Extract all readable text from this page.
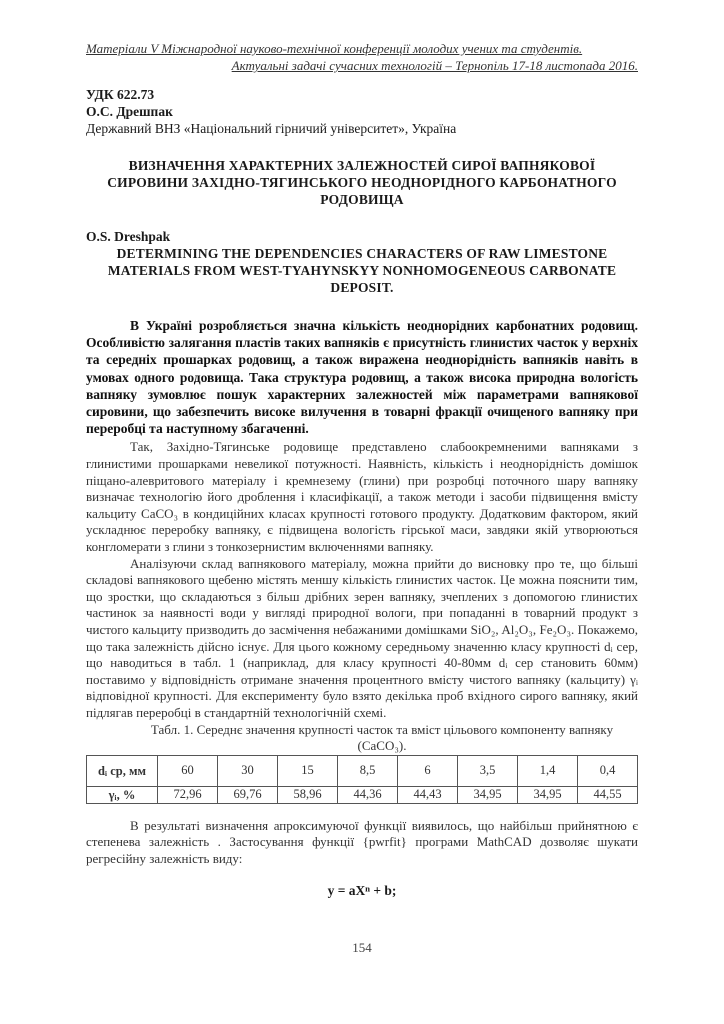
Матеріали V Міжнародної науково-технічної конференції молодих учених та студентів.
Актуальні задачі сучасних технологій – Тернопіль 17-18 листопада 2016.
УДК 622.73
О.С. Дрешпак
Державний ВНЗ «Національний гірничий університет», Україна
ВИЗНАЧЕННЯ ХАРАКТЕРНИХ ЗАЛЕЖНОСТЕЙ СИРОЇ ВАПНЯКОВОЇ
СИРОВИНИ ЗАХІДНО-ТЯГИНСЬКОГО НЕОДНОРІДНОГО КАРБОНАТНОГО
РОДОВИЩА
O.S. Dreshpak
DETERMINING THE DEPENDENCIES CHARACTERS OF RAW LIMESTONE
MATERIALS FROM WEST-TYAHYNSKYY NONHOMOGENEOUS CARBONATE
DEPOSIT.
В Україні розробляється значна кількість неоднорідних карбонатних родовищ. Особливістю залягання пластів таких вапняків є присутність глинистих часток у верхніх та середніх прошарках родовищ, а також виражена неоднорідність вапняків навіть в умовах одного родовища. Така структура родовищ, а також висока природна вологість вапняку зумовлює пошук характерних залежностей між параметрами вапнякової сировини, що забезпечить високе вилучення в товарні фракції очищеного вапняку при переробці та наступному збагаченні.

Так, Західно-Тягинське родовище представлено слабоокремненими вапняками з глинистими прошарками невеликої потужності. Наявність, кількість і неоднорідність домішок піщано-алевритового матеріалу і кремнезему (глини) при розробці поточного шару вапняку визначає технологію його дроблення і класифікації, а також методи і засоби підвищення вмісту кальциту CaCO₃ в кондиційних класах крупності готового продукту. Додатковим фактором, який ускладнює переробку вапняку, є підвищена вологість гірської маси, завдяки якій утворюються конгломерати з глини з тонкозернистим включеннями вапняку.

Аналізуючи склад вапнякового матеріалу, можна прийти до висновку про те, що більші складові вапнякового щебеню містять меншу кількість глинистих часток. Це можна пояснити тим, що зростки, що складаються з більш дрібних зерен вапняку, зчеплених з допомогою глинистих частинок за наявності води у вигляді природної вологи, при попаданні в товарний продукт з чистого кальциту призводить до засмічення небажаними домішками SiO₂, Al₂O₃, Fe₂O₃. Покажемо, що така залежність дійсно існує. Для цього кожному середньому значенню класу крупності dᵢ сер, що наводиться в табл. 1 (наприклад, для класу крупності 40-80мм dᵢ сер становить 60мм) поставимо у відповідність отримане значення процентного вмісту чистого вапняку (кальциту) γᵢ відповідної крупності. Для експерименту було взято декілька проб вхідного сирого вапняку, який підлягав переробці в стандартній технологічній схемі.

Табл. 1. Середнє значення крупності часток та вміст цільового компоненту вапняку (CaCO₃).
dᵢ ср, мм	60	30	15	8,5	6	3,5	1,4	0,4
γᵢ, %	72,96	69,76	58,96	44,36	44,43	34,95	34,95	44,55

В результаті визначення апроксимуючої функції виявилось, що найбільш прийнятною є степенева залежність . Застосування функції {pwrfit} програми MathCAD дозволяє шукати регресійну залежність виду:

y = aXⁿ + b;
154
